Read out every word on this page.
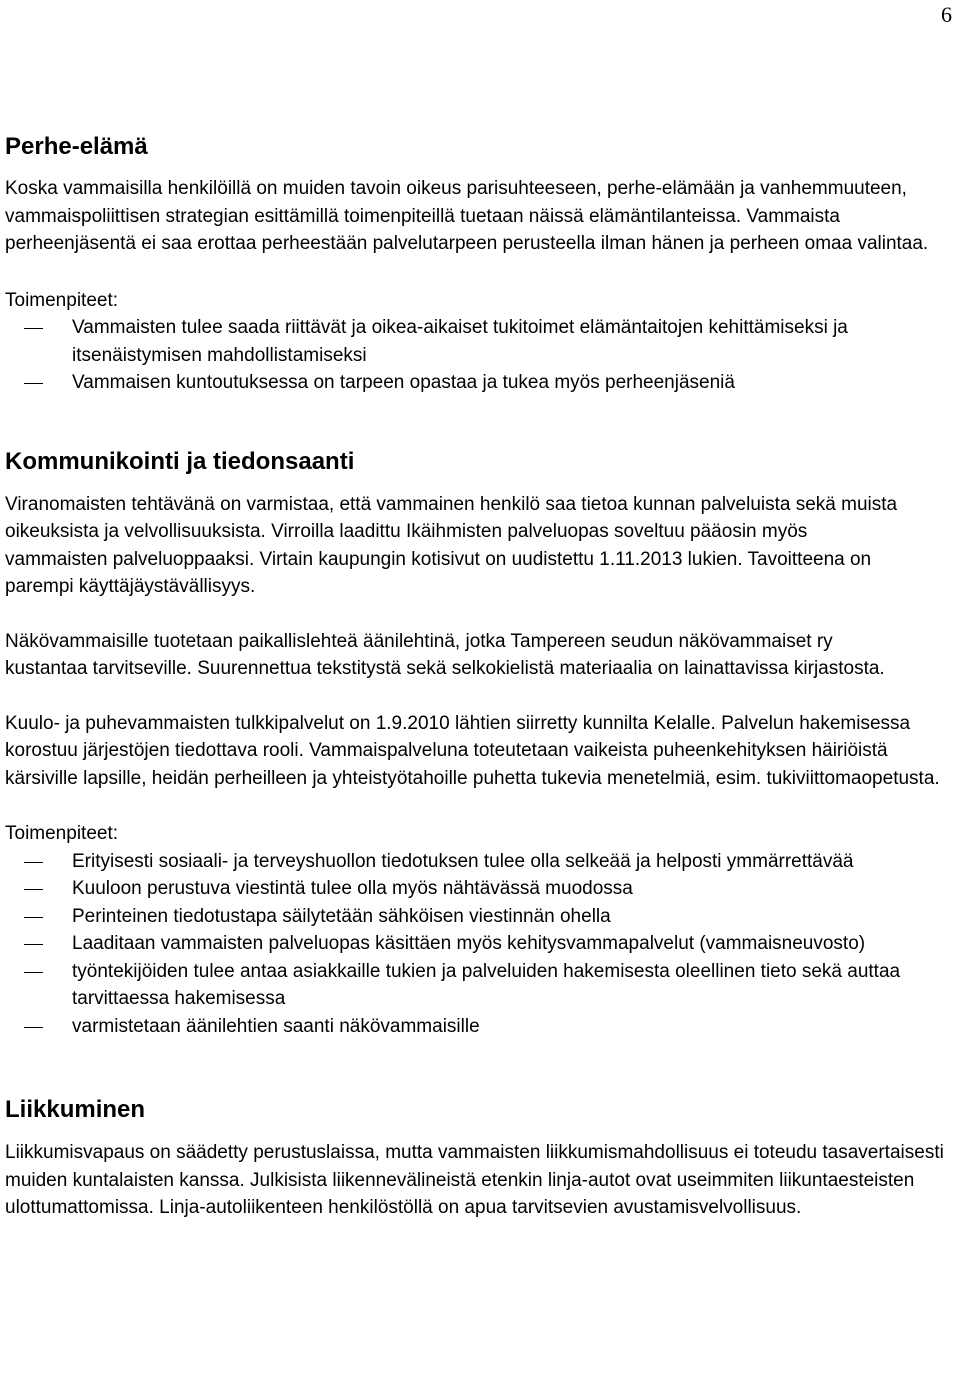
6
Perhe-elämä

Koska vammaisilla henkilöillä on muiden tavoin oikeus parisuhteeseen, perhe-elämään ja vanhemmuuteen, vammaispoliittisen strategian esittämillä toimenpiteillä tuetaan näissä elämäntilanteissa. Vammaista perheenjäsentä ei saa erottaa perheestään palvelutarpeen perusteella ilman hänen ja perheen omaa valintaa.

Toimenpiteet:

Vammaisten tulee saada riittävät ja oikea-aikaiset tukitoimet elämäntaitojen kehittämiseksi ja itsenäistymisen mahdollistamiseksi
Vammaisen kuntoutuksessa on tarpeen opastaa ja tukea myös perheenjäseniä
Kommunikointi ja tiedonsaanti

Viranomaisten tehtävänä on varmistaa, että vammainen henkilö saa tietoa kunnan palveluista sekä muista oikeuksista ja velvollisuuksista. Virroilla laadittu Ikäihmisten palveluopas soveltuu pääosin myös vammaisten palveluoppaaksi. Virtain kaupungin kotisivut on uudistettu 1.11.2013 lukien. Tavoitteena on parempi käyttäjäystävällisyys.

Näkövammaisille tuotetaan paikallislehteä äänilehtinä, jotka Tampereen seudun näkövammaiset ry kustantaa tarvitseville. Suurennettua tekstitystä sekä selkokielistä materiaalia on lainattavissa kirjastosta.

Kuulo- ja puhevammaisten tulkkipalvelut on 1.9.2010 lähtien siirretty kunnilta Kelalle. Palvelun hakemisessa korostuu järjestöjen tiedottava rooli. Vammaispalveluna toteutetaan vaikeista puheenkehityksen häiriöistä kärsiville lapsille, heidän perheilleen ja yhteistyötahoille puhetta tukevia menetelmiä, esim. tukiviittomaopetusta.

Toimenpiteet:

Erityisesti sosiaali- ja terveyshuollon tiedotuksen tulee olla selkeää ja helposti ymmärrettävää
Kuuloon perustuva viestintä tulee olla myös nähtävässä muodossa
Perinteinen tiedotustapa säilytetään sähköisen viestinnän ohella
Laaditaan vammaisten palveluopas käsittäen myös kehitysvammapalvelut (vammaisneuvosto)
työntekijöiden tulee antaa asiakkaille tukien ja palveluiden hakemisesta oleellinen tieto sekä auttaa tarvittaessa hakemisessa
varmistetaan äänilehtien saanti näkövammaisille
Liikkuminen

Liikkumisvapaus on säädetty perustuslaissa, mutta vammaisten liikkumismahdollisuus ei toteudu tasavertaisesti muiden kuntalaisten kanssa. Julkisista liikennevälineistä etenkin linja-autot ovat useimmiten liikuntaesteisten ulottumattomissa. Linja-autoliikenteen henkilöstöllä on apua tarvitsevien avustamisvelvollisuus.
